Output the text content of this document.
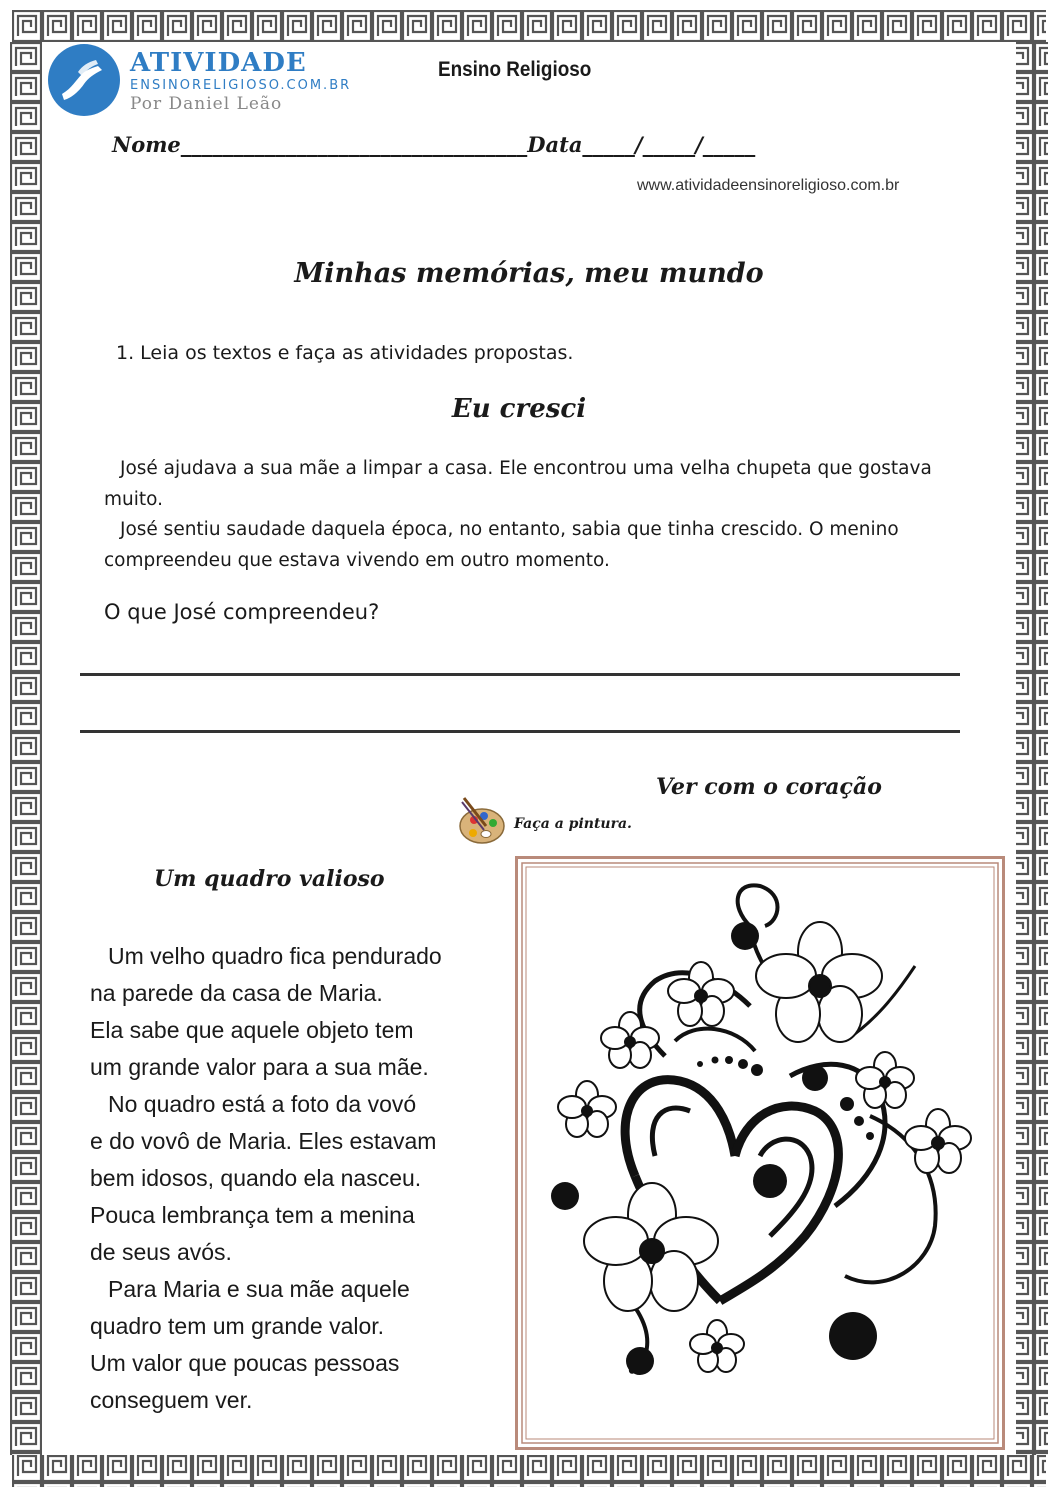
ATIVIDADE
ENSINORELIGIOSO.COM.BR
Por Daniel Leão
Ensino Religioso
Nome_________________________________Data_____/_____/_____
www.atividadeensinoreligioso.com.br
Minhas memórias, meu mundo
1. Leia os textos e faça as atividades propostas.
Eu cresci

José ajudava a sua mãe a limpar a casa. Ele encontrou uma velha chupeta que gostava muito.

José sentiu saudade daquela época, no entanto, sabia que tinha crescido. O menino compreendeu que estava vivendo em outro momento.

O que José compreendeu?
Ver com o coração
Faça a pintura.
Um quadro valioso
Um velho quadro fica pendurado
na parede da casa de Maria.
Ela sabe que aquele objeto tem
um grande valor para a sua mãe.
No quadro está a foto da vovó
e do vovô de Maria. Eles estavam
bem idosos, quando ela nasceu.
Pouca lembrança tem a menina
de seus avós.
Para Maria e sua mãe aquele
quadro tem um grande valor.
Um valor que poucas pessoas
conseguem ver.
